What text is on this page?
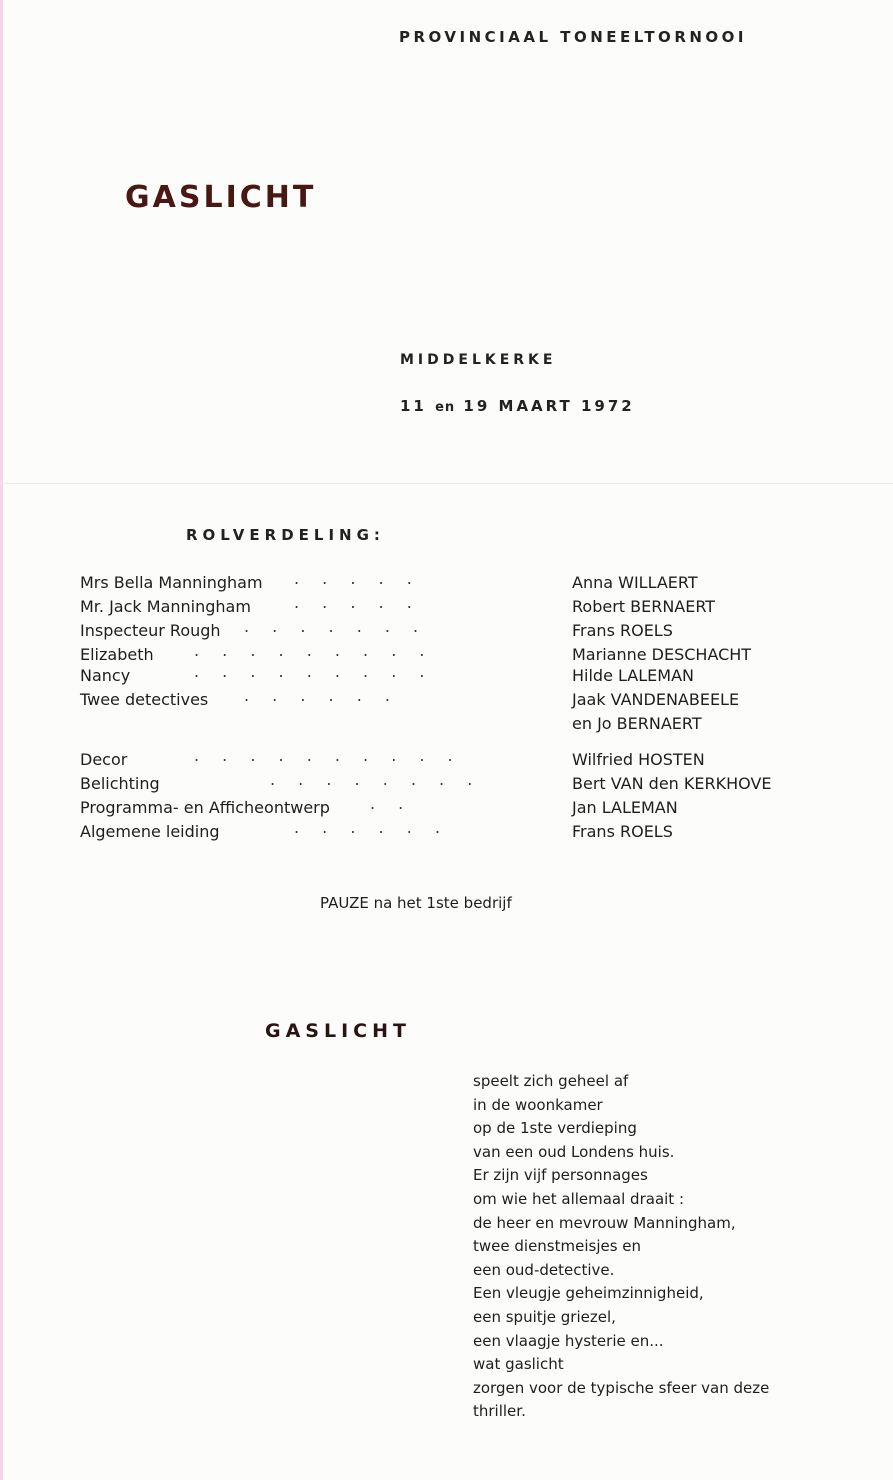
PROVINCIAAL TONEELTORNOOI
GASLICHT
MIDDELKERKE
11 en 19 MAART 1972
ROLVERDELING:
Mrs Bella Manningham . . . . .	Anna WILLAERT
Mr. Jack Manningham	. . . . .	Robert BERNAERT
Inspecteur Rough . . . . . . .	Frans ROELS
Elizabeth	. . . . . . . . .	Marianne DESCHACHT
Nancy	. . . . . . . . .	Hilde LALEMAN
Twee detectives . . . . . .	Jaak VANDENABEELE
en Jo BERNAERT
Decor	. . . . . . . . . .	Wilfried HOSTEN
Belichting	. . . . . . . .	Bert VAN den KERKHOVE
Programma- en Affiche​ontwerp	. .	Jan LALEMAN
Algemene leiding	. . . . . .	Frans ROELS
PAUZE na het 1ste bedrijf
GASLICHT
speelt zich geheel af
in de woonkamer
op de 1ste verdieping
van een oud Londens huis.
Er zijn vijf personnages
om wie het allemaal draait :
de heer en mevrouw Manningham,
twee dienstmeisjes en
een oud-detective.
Een vleugje geheimzinnigheid,
een spuitje griezel,
een vlaagje hysterie en...
wat gaslicht
zorgen voor de typische sfeer van deze
thriller.
